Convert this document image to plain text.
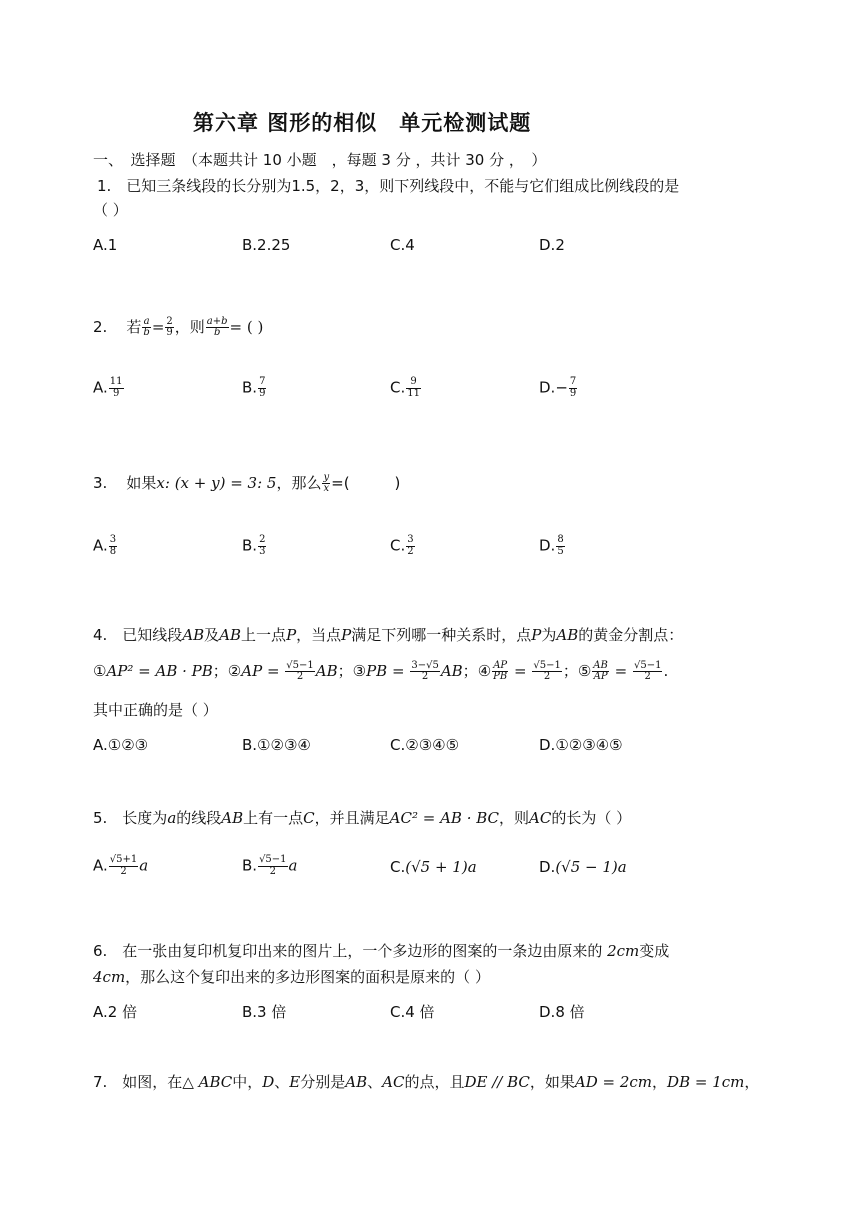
第六章 图形的相似　单元检测试题
一、　选择题　（本题共计 10 小题　，每题 3 分 ，共计 30 分 ，　）
1.　已知三条线段的长分别为1.5，2，3，则下列线段中，不能与它们组成比例线段的是
（ ）
A.1	B.2.25	C.4	D.2
2. 若 $\frac{a}{b} = \frac{2}{9}$ ，则 $\frac{a+b}{b}$ = ( )
A. $\frac{11}{9}$	B. $\frac{7}{9}$	C. $\frac{9}{11}$	$D.- \frac{7}{9}$
3. 如果x: (x + y) = 3: 5，那么 $\frac{y}{x}$ =(　　　)
A. $\frac{3}{8}$	B. $\frac{2}{3}$	C. $\frac{3}{2}$	D. $\frac{8}{5}$
4.　已知线段AB及AB上一点P，当点P满足下列哪一种关系时，点P为AB的黄金分割点：
①AP² = AB · PB；②AP = $\frac{√5-1}{2}$ AB；③PB = $\frac{3-√5}{2}$ AB；④ $\frac{AP}{PB} = \frac{√5-1}{2}$ ；⑤ $\frac{AB}{AP} = \frac{√5-1}{2}$ .
其中正确的是（ ）
A.①②③	B.①②③④	C.②③④⑤	D.①②③④⑤
5.　长度为a的线段AB上有一点C，并且满足AC² = AB · BC，则AC的长为（ ）
A. $\frac{√5+1}{2}$ a	B. $\frac{√5-1}{2}$ a	C.(√5 + 1)a	D.(√5 − 1)a
6.　在一张由复印机复印出来的图片上，一个多边形的图案的一条边由原来的 2cm变成
4cm，那么这个复印出来的多边形图案的面积是原来的（ ）
A.2 倍	B.3 倍	C.4 倍	D.8 倍
7.　如图，在△ ABC中，D、E分别是AB、AC的点，且DE // BC，如果AD = 2cm，DB = 1cm，
